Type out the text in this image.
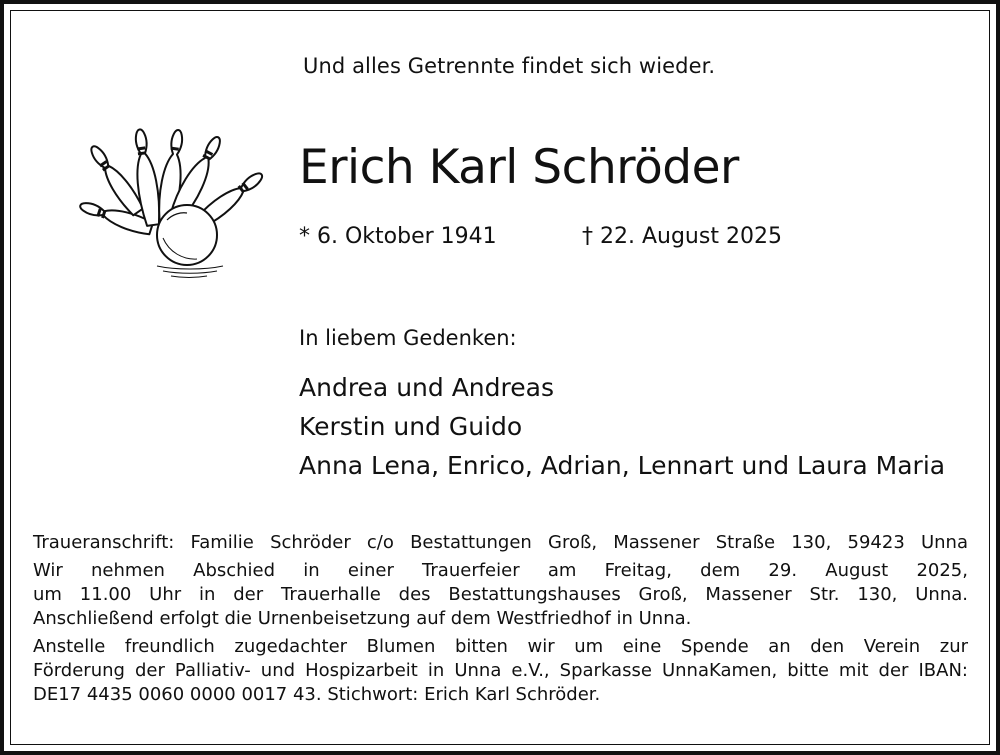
Und alles Getrennte findet sich wieder.
Erich Karl Schröder
* 6. Oktober 1941	† 22. August 2025
In liebem Gedenken:
Andrea und Andreas
Kerstin und Guido
Anna Lena, Enrico, Adrian, Lennart und Laura Maria

Traueranschrift: Familie Schröder c/o Bestattungen Groß, Massener Straße 130, 59423 Unna

Wir nehmen Abschied in einer Trauerfeier am Freitag, dem 29. August 2025,
um 11.00 Uhr in der Trauerhalle des Bestattungshauses Groß, Massener Str. 130, Unna.
Anschließend erfolgt die Urnenbeisetzung auf dem Westfriedhof in Unna.

Anstelle freundlich zugedachter Blumen bitten wir um eine Spende an den Verein zur
Förderung der Palliativ- und Hospizarbeit in Unna e.V., Sparkasse UnnaKamen, bitte mit der IBAN:
DE17 4435 0060 0000 0017 43. Stichwort: Erich Karl Schröder.
